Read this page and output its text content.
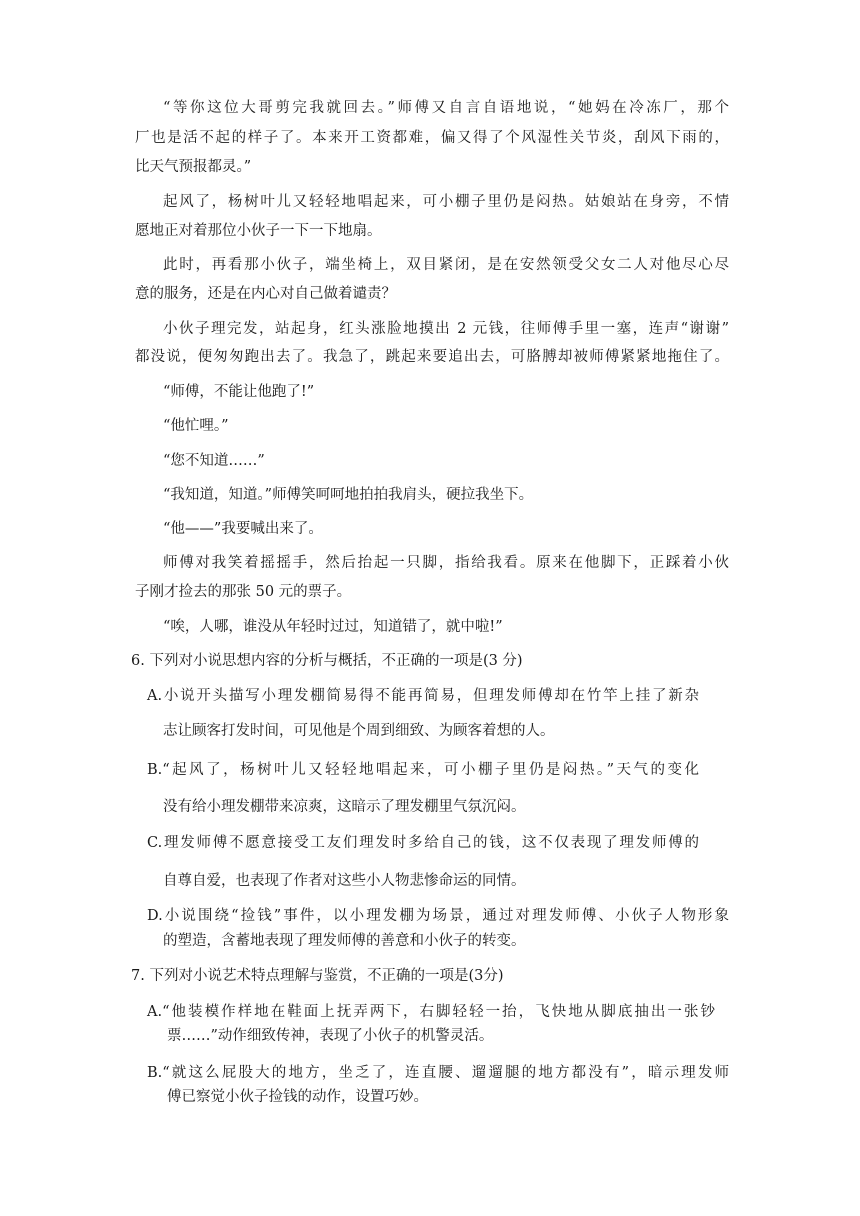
“等你这位大哥剪完我就回去。”师傅又自言自语地说，“她妈在冷冻厂，那个
厂也是活不起的样子了。本来开工资都难，偏又得了个风湿性关节炎，刮风下雨的，
比天气预报都灵。”
起风了，杨树叶儿又轻轻地唱起来，可小棚子里仍是闷热。姑娘站在身旁，不情
愿地正对着那位小伙子一下一下地扇。
此时，再看那小伙子，端坐椅上，双目紧闭，是在安然领受父女二人对他尽心尽
意的服务，还是在内心对自己做着谴责？
小伙子理完发，站起身，红头涨脸地摸出 2 元钱，往师傅手里一塞，连声“谢谢”
都没说，便匆匆跑出去了。我急了，跳起来要追出去，可胳膊却被师傅紧紧地拖住了。
“师傅，不能让他跑了!”
“他忙哩。”
“您不知道……”
“我知道，知道。”师傅笑呵呵地拍拍我肩头，硬拉我坐下。
“他——”我要喊出来了。
师傅对我笑着摇摇手，然后抬起一只脚，指给我看。原来在他脚下，正踩着小伙
子刚才捡去的那张 50 元的票子。
“唉，人哪，谁没从年轻时过过，知道错了，就中啦!”
6. 下列对小说思想内容的分析与概括，不正确的一项是(3 分)
A.小说开头描写小理发棚简易得不能再简易，但理发师傅却在竹竿上挂了新杂
志让顾客打发时间，可见他是个周到细致、为顾客着想的人。
B.“起风了，杨树叶儿又轻轻地唱起来，可小棚子里仍是闷热。”天气的变化
没有给小理发棚带来凉爽，这暗示了理发棚里气氛沉闷。
C.理发师傅不愿意接受工友们理发时多给自己的钱，这不仅表现了理发师傅的
自尊自爱，也表现了作者对这些小人物悲惨命运的同情。
D.小说围绕“捡钱”事件，以小理发棚为场景，通过对理发师傅、小伙子人物形象
的塑造，含蓄地表现了理发师傅的善意和小伙子的转变。
7. 下列对小说艺术特点理解与鉴赏，不正确的一项是(3分)
A.“他装模作样地在鞋面上抚弄两下，右脚轻轻一抬，飞快地从脚底抽出一张钞
票……”动作细致传神，表现了小伙子的机警灵活。
B.“就这么屁股大的地方，坐乏了，连直腰、遛遛腿的地方都没有”，暗示理发师
傅已察觉小伙子捡钱的动作，设置巧妙。
